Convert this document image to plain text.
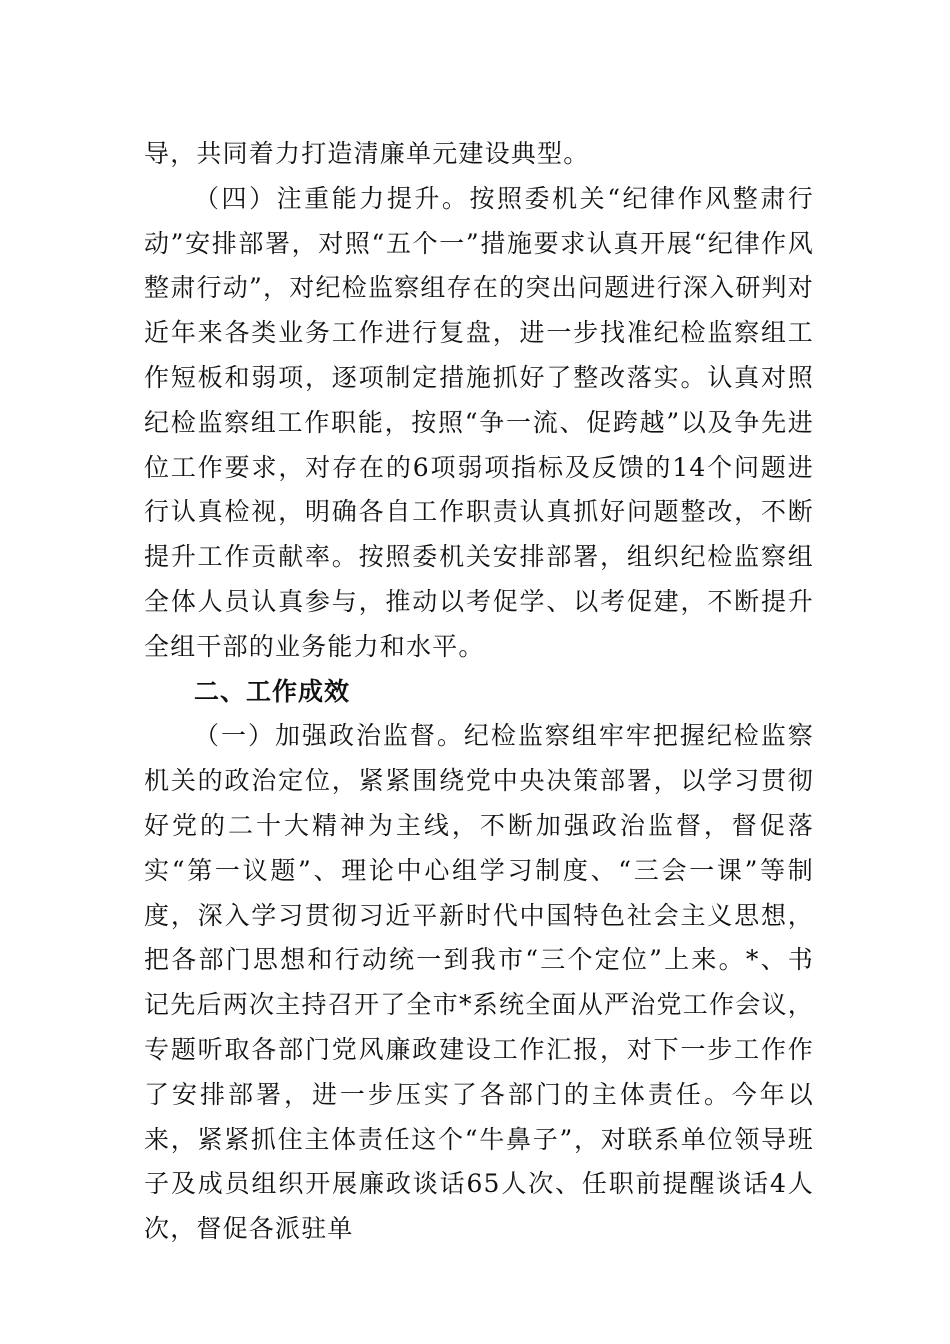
导，共同着力打造清廉单元建设典型。

（四）注重能力提升。按照委机关“纪律作风整肃行动”安排部署，对照“五个一”措施要求认真开展“纪律作风整肃行动”，对纪检监察组存在的突出问题进行深入研判对近年来各类业务工作进行复盘，进一步找准纪检监察组工作短板和弱项，逐项制定措施抓好了整改落实。认真对照纪检监察组工作职能，按照“争一流、促跨越”以及争先进位工作要求，对存在的6项弱项指标及反馈的14个问题进行认真检视，明确各自工作职责认真抓好问题整改，不断提升工作贡献率。按照委机关安排部署，组织纪检监察组全体人员认真参与，推动以考促学、以考促建，不断提升全组干部的业务能力和水平。

二、工作成效

（一）加强政治监督。纪检监察组牢牢把握纪检监察机关的政治定位，紧紧围绕党中央决策部署，以学习贯彻好党的二十大精神为主线，不断加强政治监督，督促落实“第一议题”、理论中心组学习制度、“三会一课”等制度，深入学习贯彻习近平新时代中国特色社会主义思想，把各部门思想和行动统一到我市“三个定位”上来。*、书记先后两次主持召开了全市*系统全面从严治党工作会议，专题听取各部门党风廉政建设工作汇报，对下一步工作作了安排部署，进一步压实了各部门的主体责任。今年以来，紧紧抓住主体责任这个“牛鼻子”，对联系单位领导班子及成员组织开展廉政谈话65人次、任职前提醒谈话4人次，督促各派驻单
